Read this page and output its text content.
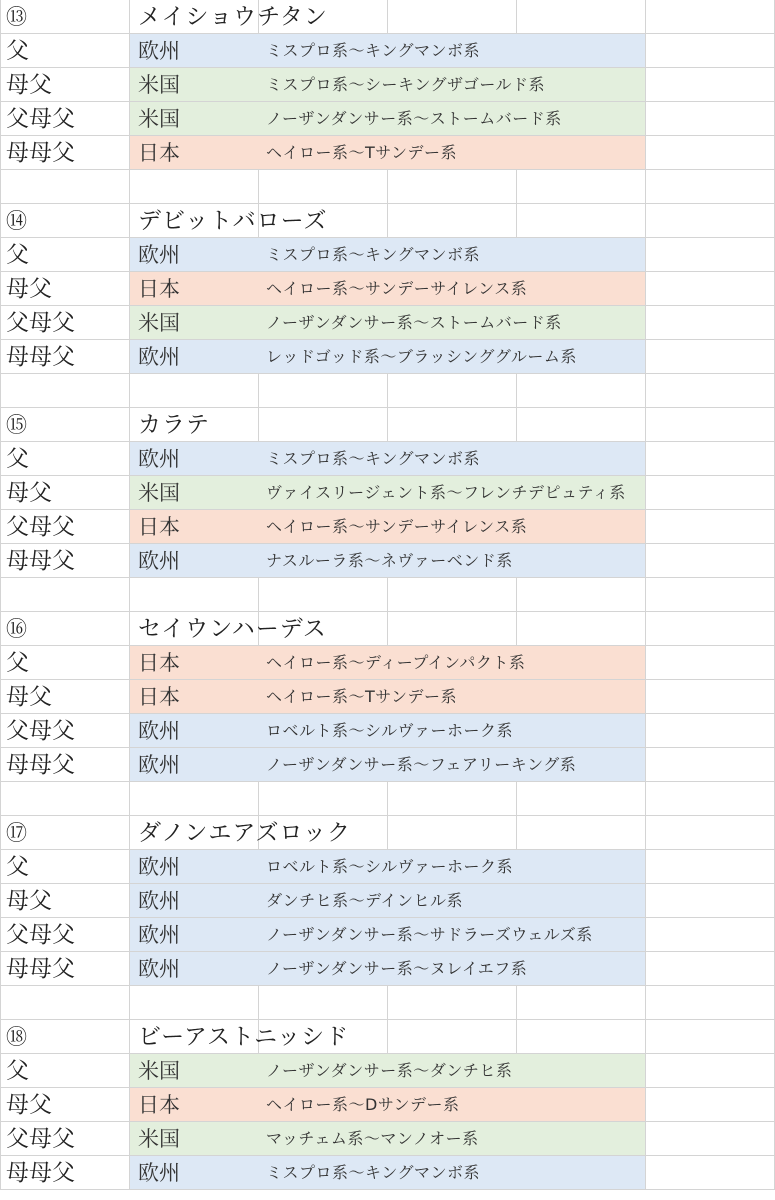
⑬	メイショウチタン
父	欧州	ミスプロ系〜キングマンボ系
母父	米国	ミスプロ系〜シーキングザゴールド系
父母父	米国	ノーザンダンサー系〜ストームバード系
母母父	日本	ヘイロー系〜Tサンデー系
⑭	デビットバローズ
父	欧州	ミスプロ系〜キングマンボ系
母父	日本	ヘイロー系〜サンデーサイレンス系
父母父	米国	ノーザンダンサー系〜ストームバード系
母母父	欧州	レッドゴッド系〜ブラッシンググルーム系
⑮	カラテ
父	欧州	ミスプロ系〜キングマンボ系
母父	米国	ヴァイスリージェント系〜フレンチデピュティ系
父母父	日本	ヘイロー系〜サンデーサイレンス系
母母父	欧州	ナスルーラ系〜ネヴァーベンド系
⑯	セイウンハーデス
父	日本	ヘイロー系〜ディープインパクト系
母父	日本	ヘイロー系〜Tサンデー系
父母父	欧州	ロベルト系〜シルヴァーホーク系
母母父	欧州	ノーザンダンサー系〜フェアリーキング系
⑰	ダノンエアズロック
父	欧州	ロベルト系〜シルヴァーホーク系
母父	欧州	ダンチヒ系〜デインヒル系
父母父	欧州	ノーザンダンサー系〜サドラーズウェルズ系
母母父	欧州	ノーザンダンサー系〜ヌレイエフ系
⑱	ビーアストニッシド
父	米国	ノーザンダンサー系〜ダンチヒ系
母父	日本	ヘイロー系〜Dサンデー系
父母父	米国	マッチェム系〜マンノオー系
母母父	欧州	ミスプロ系〜キングマンボ系
